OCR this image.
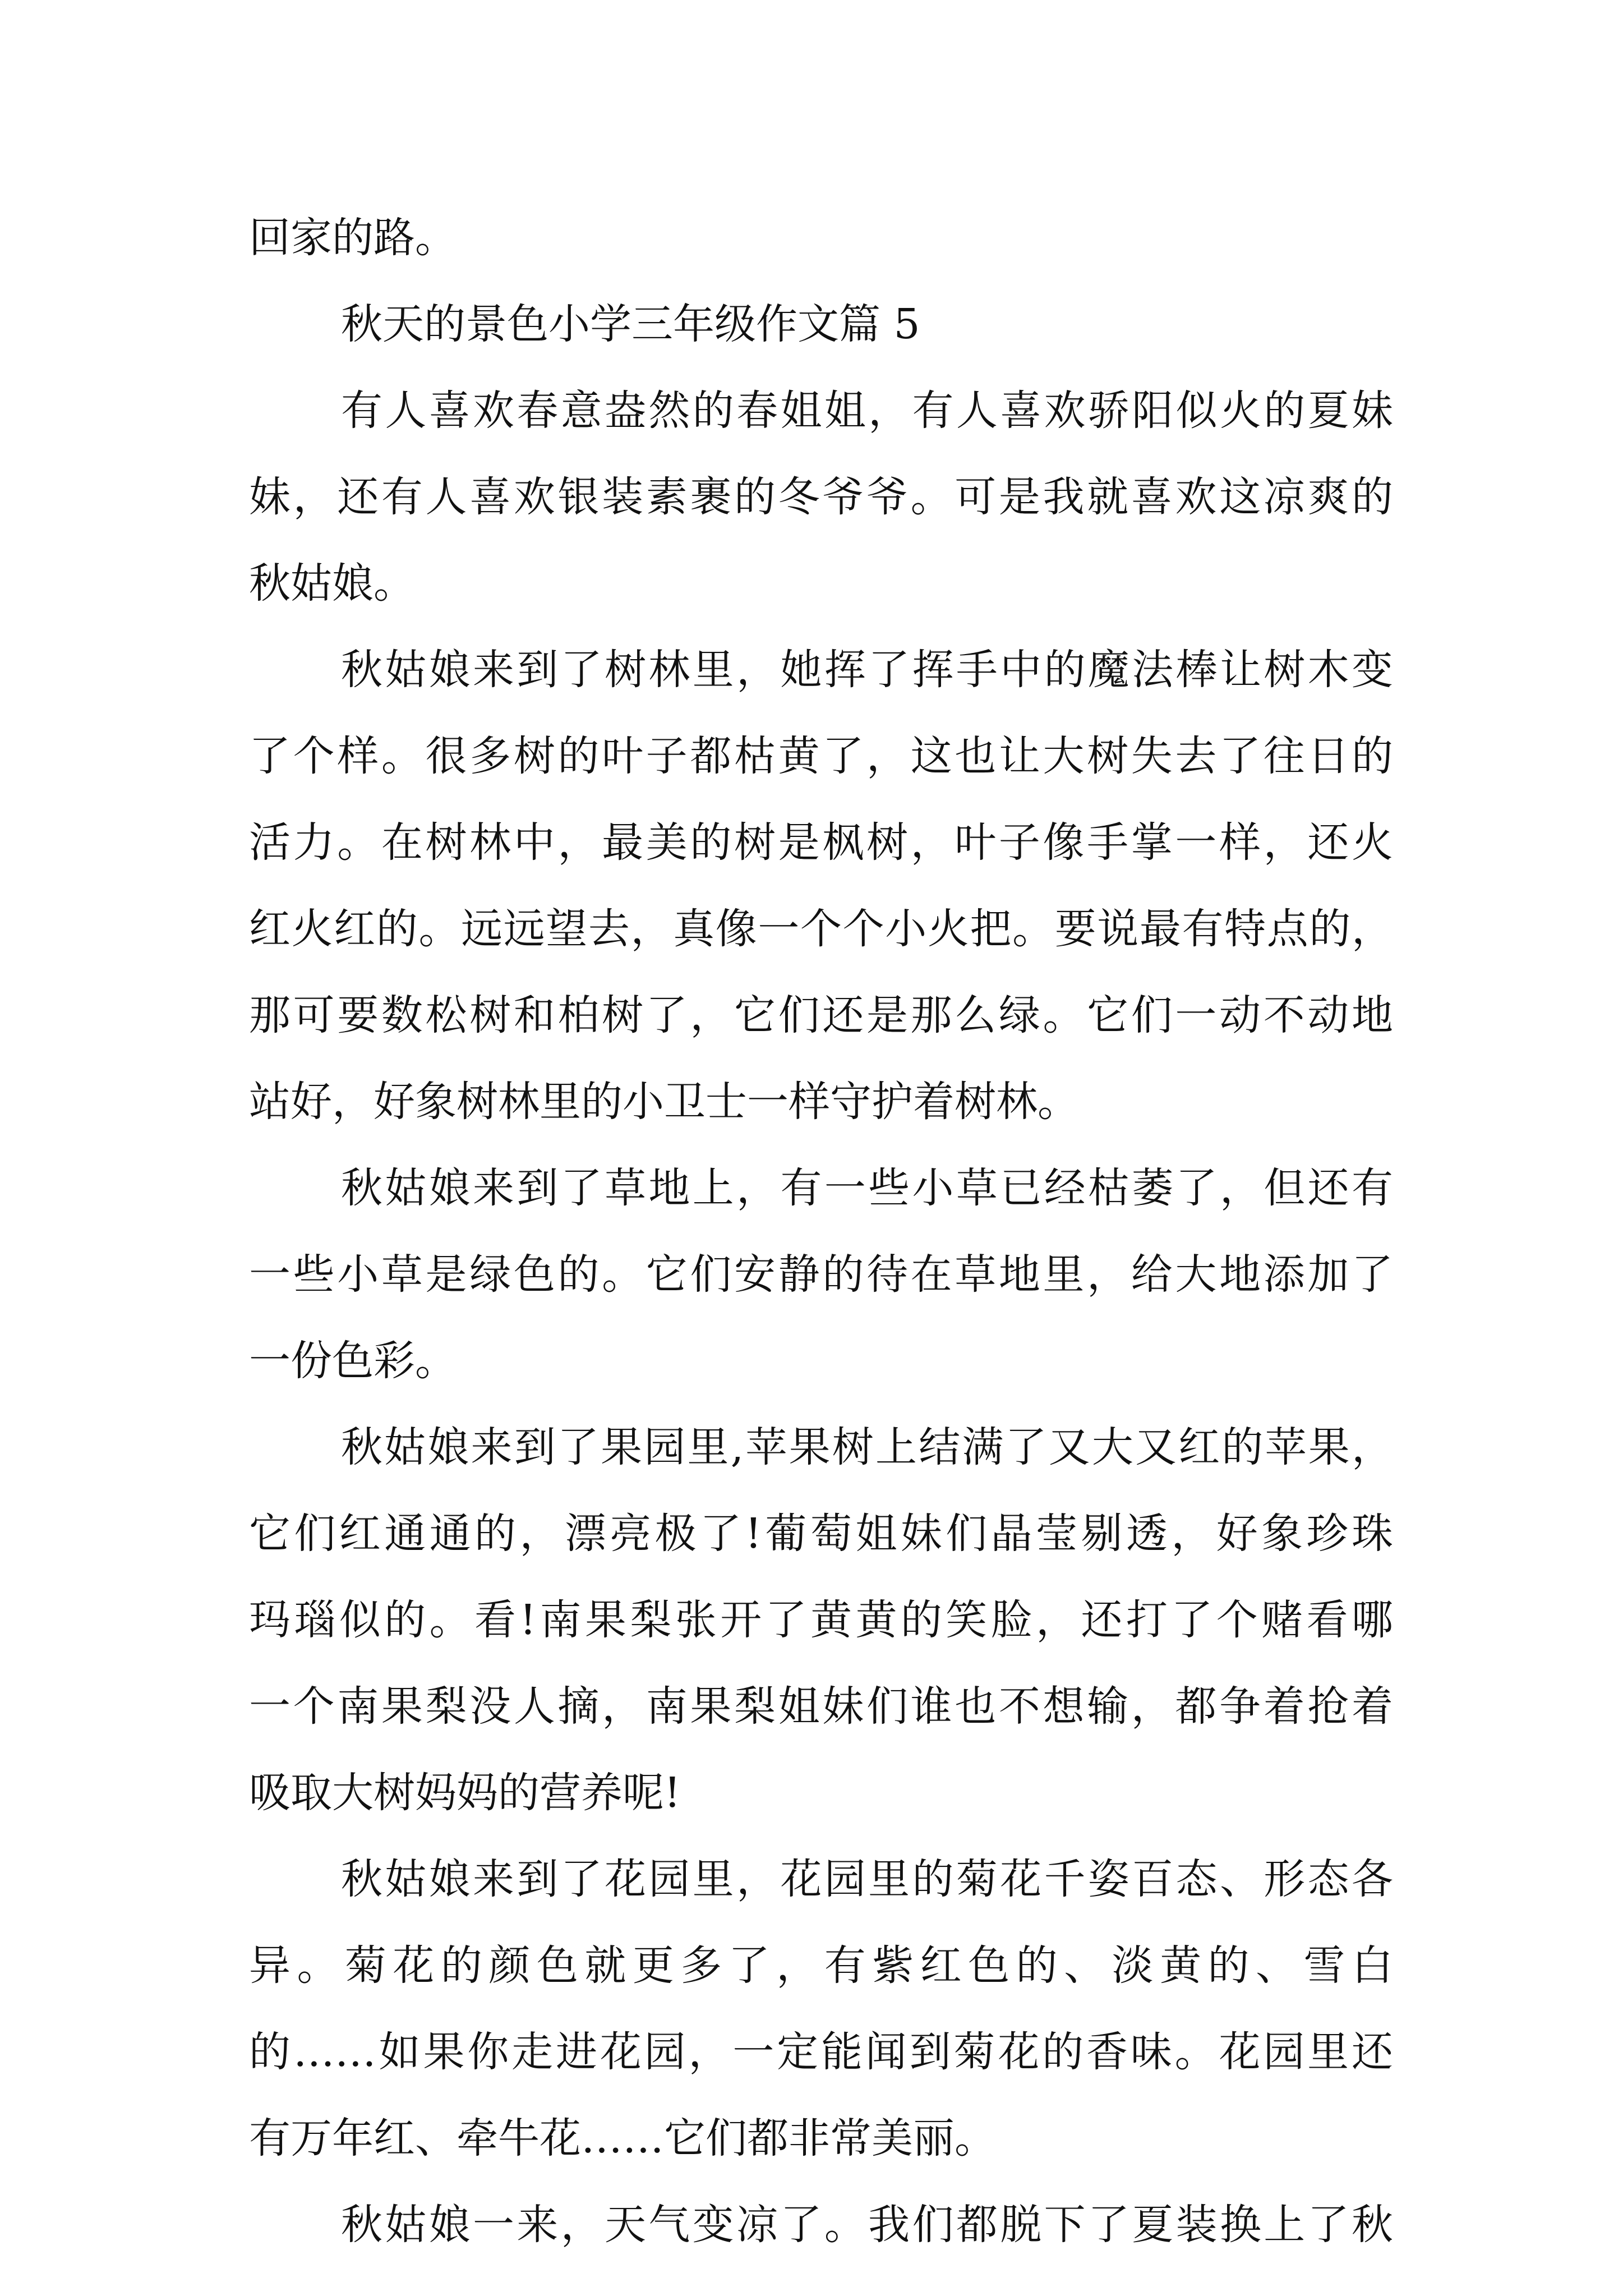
回家的路。

秋天的景色小学三年级作文篇 5

有人喜欢春意盎然的春姐姐，有人喜欢骄阳似火的夏妹

妹，还有人喜欢银装素裹的冬爷爷。可是我就喜欢这凉爽的

秋姑娘。

秋姑娘来到了树林里，她挥了挥手中的魔法棒让树木变

了个样。很多树的叶子都枯黄了，这也让大树失去了往日的

活力。在树林中，最美的树是枫树，叶子像手掌一样，还火

红火红的。远远望去，真像一个个小火把。要说最有特点的，

那可要数松树和柏树了，它们还是那么绿。它们一动不动地

站好，好象树林里的小卫士一样守护着树林。

秋姑娘来到了草地上，有一些小草已经枯萎了，但还有

一些小草是绿色的。它们安静的待在草地里，给大地添加了

一份色彩。

秋姑娘来到了果园里,苹果树上结满了又大又红的苹果，

它们红通通的，漂亮极了!葡萄姐妹们晶莹剔透，好象珍珠

玛瑙似的。看!南果梨张开了黄黄的笑脸，还打了个赌看哪

一个南果梨没人摘，南果梨姐妹们谁也不想输，都争着抢着

吸取大树妈妈的营养呢!

秋姑娘来到了花园里，花园里的菊花千姿百态、形态各

异。菊花的颜色就更多了，有紫红色的、淡黄的、雪白

的……如果你走进花园，一定能闻到菊花的香味。花园里还

有万年红、牵牛花……它们都非常美丽。

秋姑娘一来，天气变凉了。我们都脱下了夏装换上了秋
